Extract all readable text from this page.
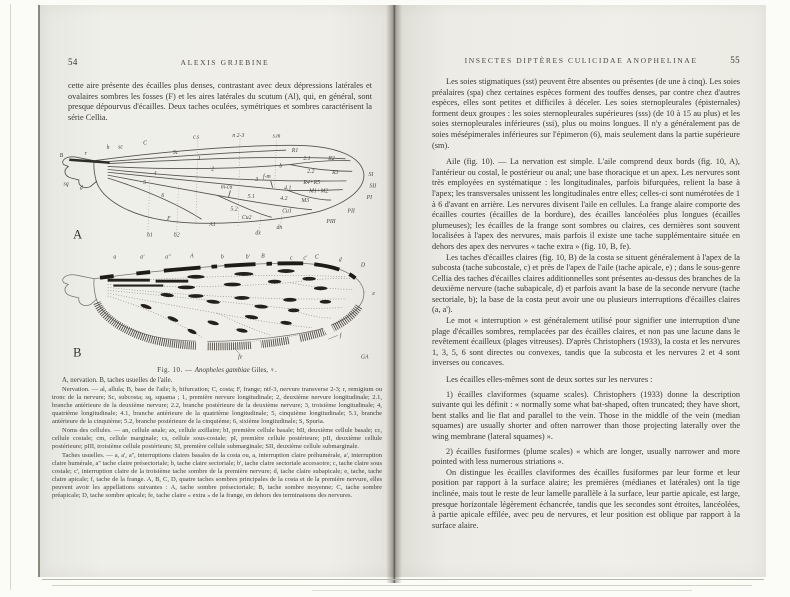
54	ALEXIS GRJEBINE

cette aire présente des écailles plus denses, contrastant avec deux dépressions latérales et ovalaires sombres les fosses (F) et les aires latérales du scutum (Al), qui, en général, sont presque dépourvus d'écailles. Deux taches oculées, symétriques et sombres caractérisent la série Cellia.

B	r
h sc
C
c.s	n 2-3	s.m
Sc
1
2	b
R1
2.1	R2
2.2	R3
3	R4+R5
f-m
4
m-cu	4.1	M1+M2
4.2 M3
5
5.1
5.2
6
F
A1
Cu2
Cu1
dn
dx
b1	b2
sq
d
SI
SII
PI
PII
PIII
A
a	a'	a''	A	b	b' B	c c' C	d
D
e
f
fe	GA
B
Fig. 10. — Anopheles gambiae Giles, ♀.
A, nervation. B, taches usuelles de l'aile.

Nervation. — al, allula; B, base de l'aile; b, bifurcation; C, costa; F, frange; ntf-3, nervure transverse 2-3; r, remigium ou tronc de la nervure; Sc, subcosta; sq, squama ; 1, première nervure longitudinale; 2, deuxième nervure longitudinale; 2.1, branche antérieure de la deuxième nervure; 2.2, branche postérieure de la deuxième nervure; 3, troisième longitudinale; 4, quatrième longitudinale; 4.1, branche antérieure de la quatrième longitudinale; 5, cinquième longitudinale; 5.1, branche antérieure de la cinquième; 5.2, branche postérieure de la cinquième; 6, sixième longitudinale; S, Spuria.

Noms des cellules. — an, cellule anale; ax, cellule axillaire; bI, première cellule basale; bII, deuxième cellule basale; cc, cellule costale; cm, cellule marginale; cs, cellule sous-costale; pI, première cellule postérieure; pII, deuxième cellule postérieure; pIII, troisième cellule postérieure; SI, première cellule submarginale; SII, deuxième cellule submarginale.

Taches usuelles. — a, a', a'', interruptions claires basales de la costa ou, a, interruption claire préhumérale, a', interruption claire humérale, a'' tache claire présectoriale; b, tache claire sectoriale; b', tache claire sectoriale accessoire; c, tache claire sous costale; c', interruption claire de la troisième tache sombre de la première nervure; d, tache claire subapicale; e, tache, tache claire apicale; f, tache de la frange. A, B, C, D, quatre taches sombres principales de la costa et de la première nervure, elles peuvent avoir les appellations suivantes : A, tache sombre présectoriale; B, tache sombre moyenne; C, tache sombre préapicale; D, tache sombre apicale; fe, tache claire « extra » de la frange, en dehors des terminaisons des nervures.

INSECTES DIPTÈRES CULICIDAE ANOPHELINAE	55

Les soies stigmatiques (sst) peuvent être absentes ou présentes (de une à cinq). Les soies préalaires (spa) chez certaines espèces forment des touffes denses, par contre chez d'autres espèces, elles sont petites et difficiles à déceler. Les soies sternopleurales (épisternales) forment deux groupes : les soies sternopleurales supérieures (sss) (de 10 à 15 au plus) et les soies sternopleurales inférieures (ssi), plus ou moins longues. Il n'y a généralement pas de soies mésépimerales inférieures sur l'épimeron (6), mais seulement dans la partie supérieure (sm).

Aile (fig. 10). — La nervation est simple. L'aile comprend deux bords (fig. 10, A), l'antérieur ou costal, le postérieur ou anal; une base thoracique et un apex. Les nervures sont très employées en systématique : les longitudinales, parfois bifurquées, relient la base à l'apex; les transversales unissent les longitudinales entre elles; celles-ci sont numérotées de 1 à 6 d'avant en arrière. Les nervures divisent l'aile en cellules. La frange alaire comporte des écailles courtes (écailles de la bordure), des écailles lancéolées plus longues (écailles plumeuses); les écailles de la frange sont sombres ou claires, ces dernières sont souvent localisées à l'apex des nervures, mais parfois il existe une tache supplémentaire située en dehors des apex des nervures « tache extra » (fig. 10, B, fe).

Les taches d'écailles claires (fig. 10, B) de la costa se situent généralement à l'apex de la subcosta (tache subcostale, c) et près de l'apex de l'aile (tache apicale, e) ; dans le sous-genre Cellia des taches d'écailles claires additionnelles sont présentes au-dessus des branches de la deuxième nervure (tache subapicale, d) et parfois avant la base de la seconde nervure (tache sectoriale, b); la base de la costa peut avoir une ou plusieurs interruptions d'écailles claires (a, a').

Le mot « interruption » est généralement utilisé pour signifier une interruption d'une plage d'écailles sombres, remplacées par des écailles claires, et non pas une lacune dans le revêtement écailleux (plages vitreuses). D'après Christophers (1933), la costa et les nervures 1, 3, 5, 6 sont directes ou convexes, tandis que la subcosta et les nervures 2 et 4 sont inverses ou concaves.

Les écailles elles-mêmes sont de deux sortes sur les nervures :

1) écailles claviformes (squame scales). Christophers (1933) donne la description suivante qui les définit : « normally some what bat-shaped, often truncated; they have short, bent stalks and lie flat and parallel to the vein. Those in the middle of the vein (median squames) are usually shorter and often narrower than those projecting laterally over the wing membrane (lateral squames) ».

2) écailles fusiformes (plume scales) « which are longer, usually narrower and more pointed with less numerous striations ».

On distingue les écailles claviformes des écailles fusiformes par leur forme et leur position par rapport à la surface alaire; les premières (médianes et latérales) ont la tige inclinée, mais tout le reste de leur lamelle parallèle à la surface, leur partie apicale, est large, presque horizontale légèrement échancrée, tandis que les secondes sont étroites, lancéolées, à partie apicale effilée, avec peu de nervures, et leur position est oblique par rapport à la surface alaire.
